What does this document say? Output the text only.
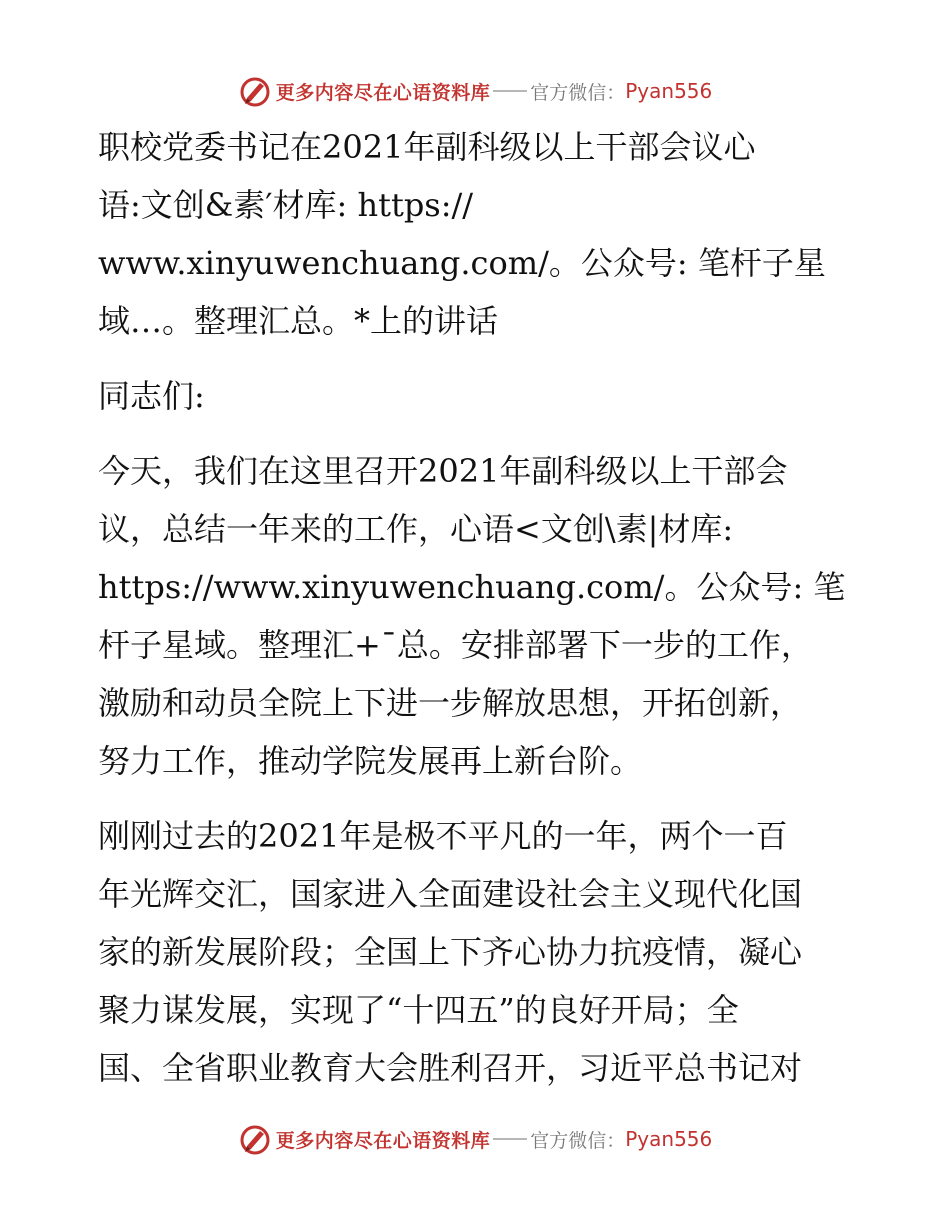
更多内容尽在心语资料库 官方微信： Pyan556
职校党委书记在2021年副科级以上干部会议心
语:文创&素′材库: https://
www.xinyuwenchuang.com/。公众号: 笔杆子星
域…。整理汇总。*上的讲话
同志们:
今天，我们在这里召开2021年副科级以上干部会
议，总结一年来的工作，心语<文创\素|材库:
https://www.xinyuwenchuang.com/。公众号: 笔
杆子星域。整理汇+¯总。安排部署下一步的工作，
激励和动员全院上下进一步解放思想，开拓创新，
努力工作，推动学院发展再上新台阶。
刚刚过去的2021年是极不平凡的一年，两个一百
年光辉交汇，国家进入全面建设社会主义现代化国
家的新发展阶段；全国上下齐心协力抗疫情，凝心
聚力谋发展，实现了“十四五”的良好开局；全
国、全省职业教育大会胜利召开，习近平总书记对
更多内容尽在心语资料库 官方微信： Pyan556
